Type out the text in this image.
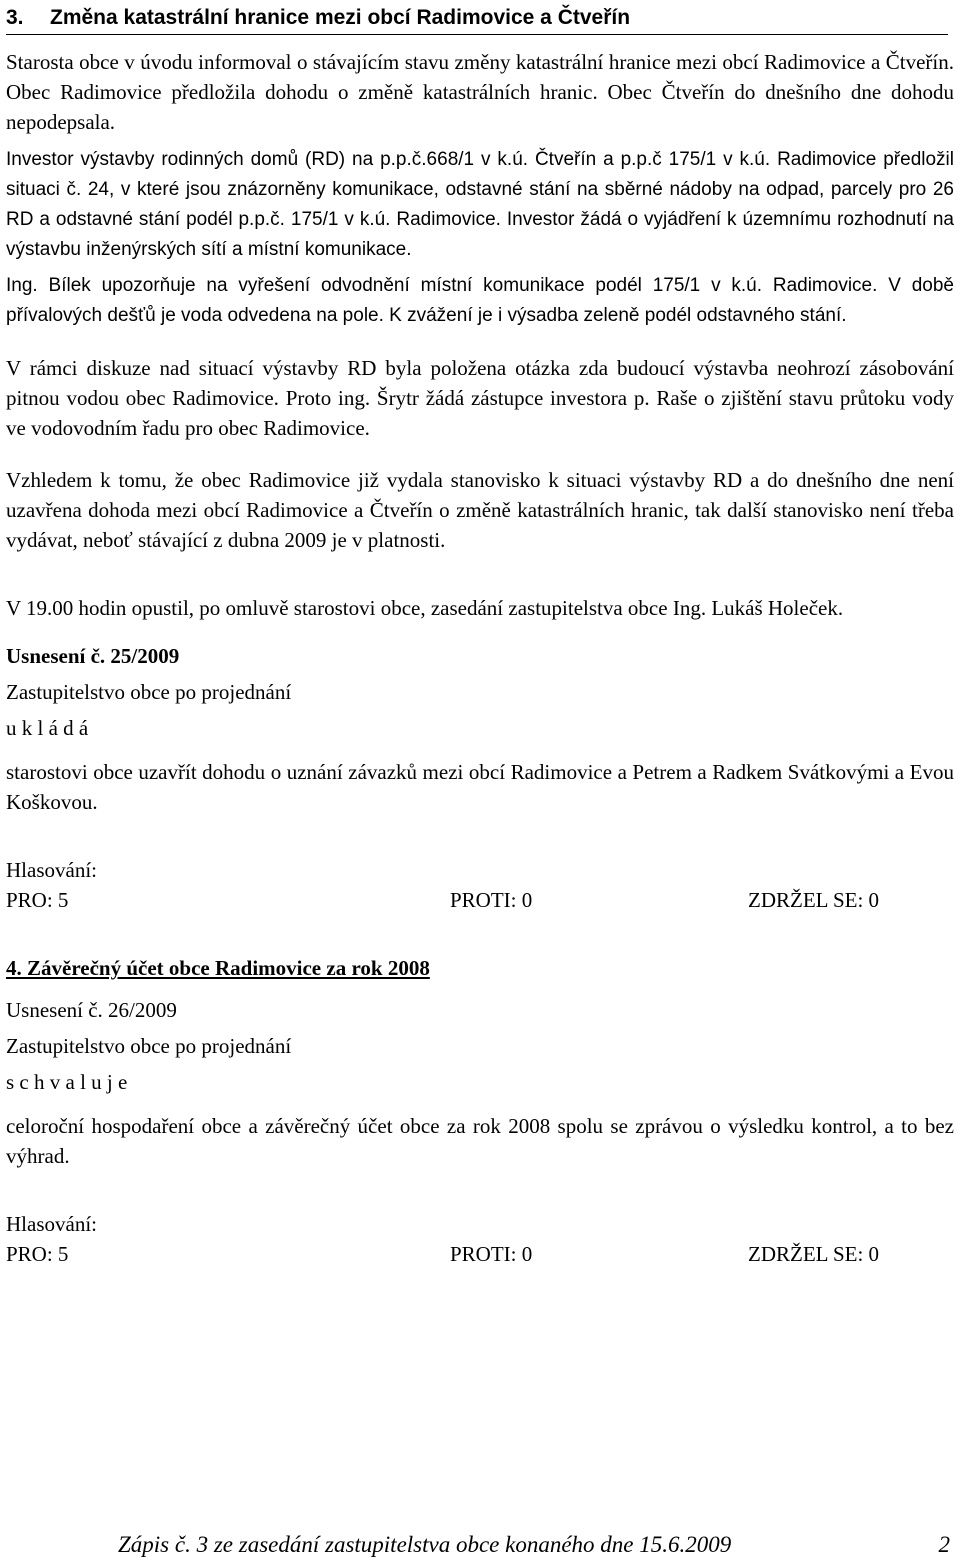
3. Změna katastrální hranice mezi obcí Radimovice a Čtveřín

Starosta obce v úvodu informoval o stávajícím stavu změny katastrální hranice mezi obcí Radimovice a Čtveřín. Obec Radimovice předložila dohodu o změně katastrálních hranic. Obec Čtveřín do dnešního dne dohodu nepodepsala.

Investor výstavby rodinných domů (RD) na p.p.č.668/1 v k.ú. Čtveřín a p.p.č 175/1 v k.ú. Radimovice předložil situaci č. 24, v které jsou znázorněny komunikace, odstavné stání na sběrné nádoby na odpad, parcely pro 26 RD a odstavné stání podél p.p.č. 175/1 v k.ú. Radimovice. Investor žádá o vyjádření k územnímu rozhodnutí na výstavbu inženýrských sítí a místní komunikace.

Ing. Bílek upozorňuje na vyřešení odvodnění místní komunikace podél 175/1 v k.ú. Radimovice. V době přívalových dešťů je voda odvedena na pole. K zvážení je i výsadba zeleně podél odstavného stání.

V rámci diskuze nad situací výstavby RD byla položena otázka zda budoucí výstavba neohrozí zásobování pitnou vodou obec Radimovice. Proto ing. Šrytr žádá zástupce investora p. Raše o zjištění stavu průtoku vody ve vodovodním řadu pro obec Radimovice.

Vzhledem k tomu, že obec Radimovice již vydala stanovisko k situaci výstavby RD a do dnešního dne není uzavřena dohoda mezi obcí Radimovice a Čtveřín o změně katastrálních hranic, tak další stanovisko není třeba vydávat, neboť stávající z dubna 2009 je v platnosti.

V 19.00 hodin opustil, po omluvě starostovi obce, zasedání zastupitelstva obce Ing. Lukáš Holeček.

Usnesení č. 25/2009

Zastupitelstvo obce po projednání

u k l á d á

starostovi obce uzavřít dohodu o uznání závazků mezi obcí Radimovice a Petrem a Radkem Svátkovými a Evou Koškovou.

Hlasování:

PRO: 5	PROTI: 0	ZDRŽEL SE: 0

4. Závěrečný účet obce Radimovice za rok 2008

Usnesení č. 26/2009

Zastupitelstvo obce po projednání

s c h v a l u j e

celoroční hospodaření obce a závěrečný účet obce za rok 2008 spolu se zprávou o výsledku kontrol, a to bez výhrad.

Hlasování:

PRO: 5	PROTI: 0	ZDRŽEL SE: 0
Zápis č. 3 ze zasedání zastupitelstva obce konaného dne 15.6.2009	2
